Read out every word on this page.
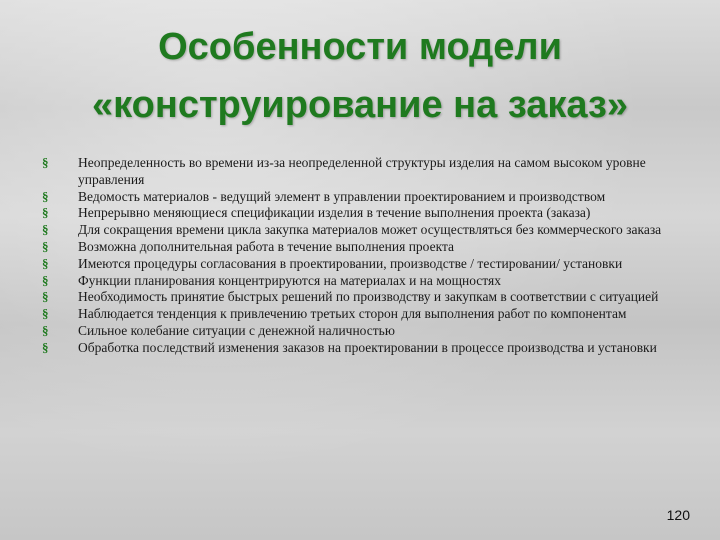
Особенности модели
«конструирование на заказ»
§ Неопределенность во времени из-за неопределенной структуры изделия на самом высоком уровне управления
§ Ведомость материалов - ведущий элемент в управлении проектированием и производством
§ Непрерывно меняющиеся спецификации изделия в течение выполнения проекта (заказа)
§ Для сокращения времени цикла закупка материалов может осуществляться без коммерческого заказа
§ Возможна дополнительная работа в течение выполнения проекта
§ Имеются процедуры согласования в проектировании, производстве / тестировании/ установки
§ Функции планирования концентрируются на материалах и на мощностях
§ Необходимость принятие быстрых решений по производству и закупкам в соответствии с ситуацией
§ Наблюдается тенденция к привлечению третьих сторон для выполнения работ по компонентам
§ Сильное колебание ситуации с денежной наличностью
§ Обработка последствий изменения заказов на проектировании в процессе производства и установки
120
